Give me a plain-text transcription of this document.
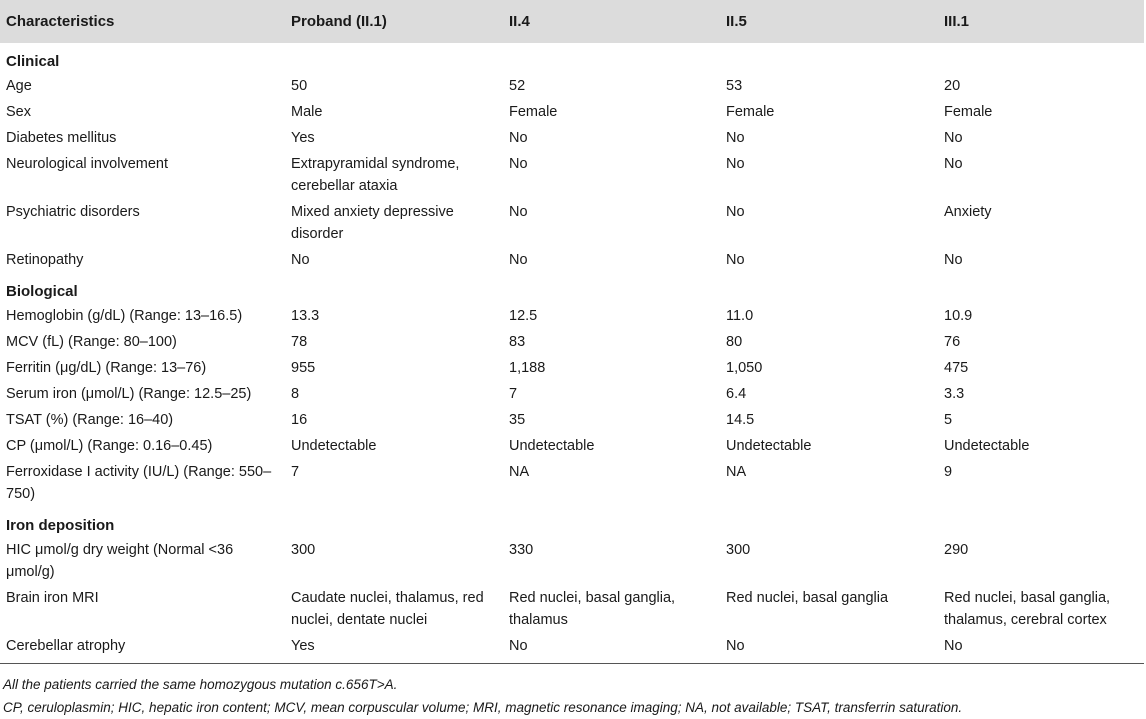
Characteristics	Proband (II.1)	II.4	II.5	III.1
Clinical				
Age	50	52	53	20
Sex	Male	Female	Female	Female
Diabetes mellitus	Yes	No	No	No
Neurological involvement	Extrapyramidal syndrome, cerebellar ataxia	No	No	No
Psychiatric disorders	Mixed anxiety depressive disorder	No	No	Anxiety
Retinopathy	No	No	No	No
Biological				
Hemoglobin (g/dL) (Range: 13–16.5)	13.3	12.5	11.0	10.9
MCV (fL) (Range: 80–100)	78	83	80	76
Ferritin (μg/dL) (Range: 13–76)	955	1,188	1,050	475
Serum iron (μmol/L) (Range: 12.5–25)	8	7	6.4	3.3
TSAT (%) (Range: 16–40)	16	35	14.5	5
CP (μmol/L) (Range: 0.16–0.45)	Undetectable	Undetectable	Undetectable	Undetectable
Ferroxidase I activity (IU/L) (Range: 550–750)	7	NA	NA	9
Iron deposition				
HIC μmol/g dry weight (Normal <36 μmol/g)	300	330	300	290
Brain iron MRI	Caudate nuclei, thalamus, red nuclei, dentate nuclei	Red nuclei, basal ganglia, thalamus	Red nuclei, basal ganglia	Red nuclei, basal ganglia, thalamus, cerebral cortex
Cerebellar atrophy	Yes	No	No	No
All the patients carried the same homozygous mutation c.656T>A.
CP, ceruloplasmin; HIC, hepatic iron content; MCV, mean corpuscular volume; MRI, magnetic resonance imaging; NA, not available; TSAT, transferrin saturation.
